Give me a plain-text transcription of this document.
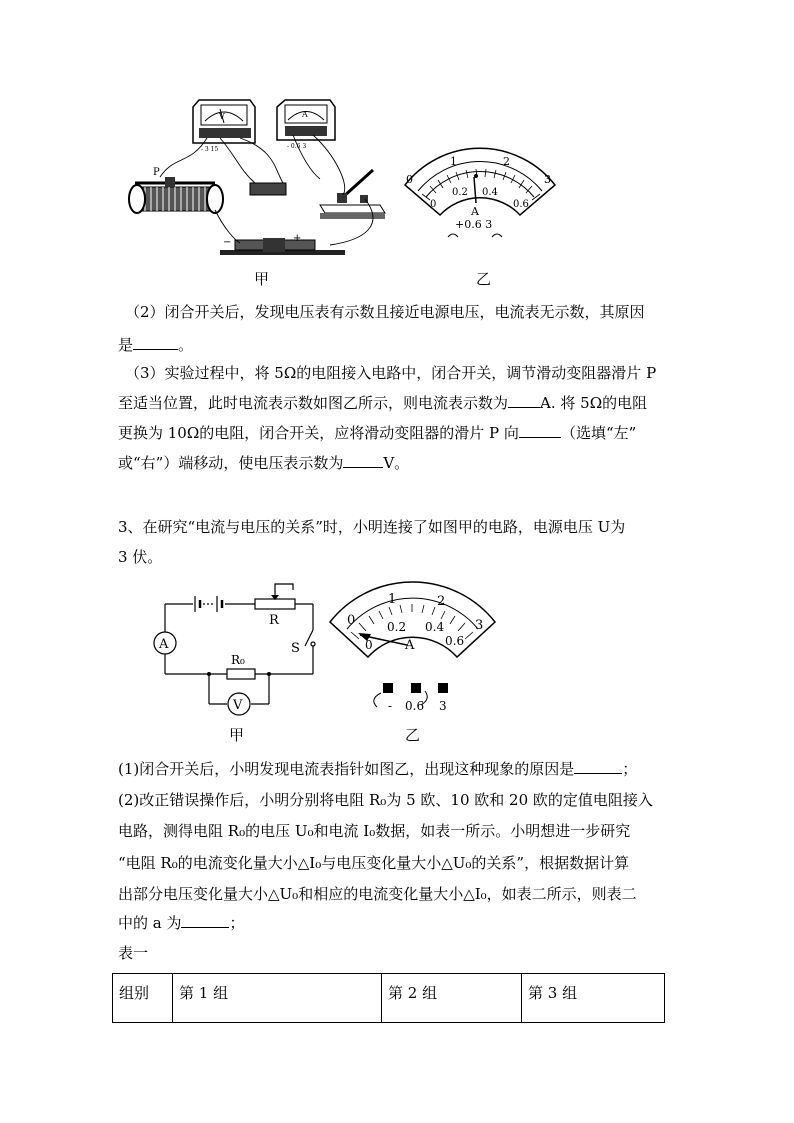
V
- 3 15
A
- 0.6 3
P
−	+
甲
0
1	2
3
0
0.2 0.4
0.6
A
+0.6 3
乙
（2）闭合开关后，发现电压表有示数且接近电源电压，电流表无示数，其原因
是	。
（3）实验过程中，将 5Ω的电阻接入电路中，闭合开关，调节滑动变阻器滑片 P
至适当位置，此时电流表示数如图乙所示，则电流表示数为 A. 将 5Ω的电阻
更换为 10Ω的电阻，闭合开关，应将滑动变阻器的滑片 P 向	（选填“左”
或“右”）端移动，使电压表示数为	V。
3、在研究“电流与电压的关系”时，小明连接了如图甲的电路，电源电压 U为
3 伏。
R
S
R₀
A
V
甲
0
1	2
3
0
0.2 0.4
0.6
A
- 0.6 3
乙
(1)闭合开关后，小明发现电流表指针如图乙，出现这种现象的原因是	；
(2)改正错误操作后，小明分别将电阻 R₀为 5 欧、10 欧和 20 欧的定值电阻接入
电路，测得电阻 R₀的电压 U₀和电流 I₀数据，如表一所示。小明想进一步研究
“电阻 R₀的电流变化量大小△I₀与电压变化量大小△U₀的关系”，根据数据计算
出部分电压变化量大小△U₀和相应的电流变化量大小△I₀，如表二所示，则表二
中的 a 为	；
表一
组别	第 1 组	第 2 组	第 3 组
